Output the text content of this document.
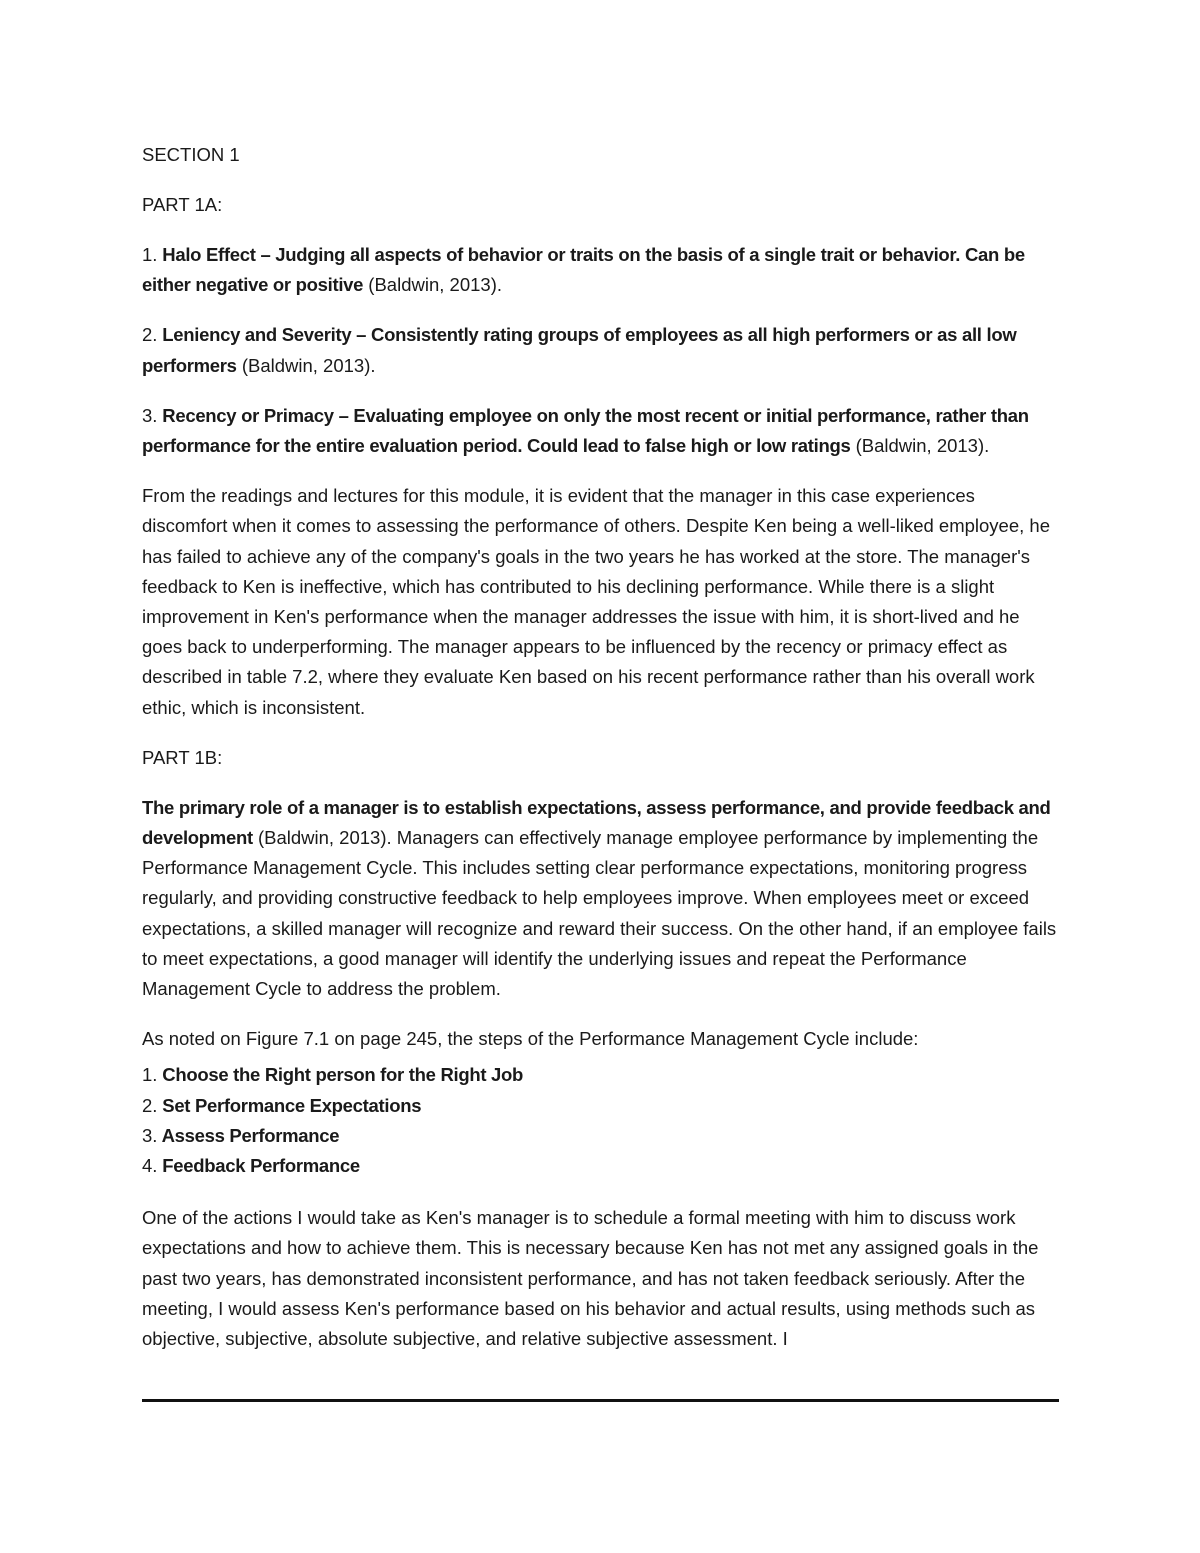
SECTION 1

PART 1A:

1. Halo Effect – Judging all aspects of behavior or traits on the basis of a single trait or behavior. Can be either negative or positive (Baldwin, 2013).

2. Leniency and Severity – Consistently rating groups of employees as all high performers or as all low performers (Baldwin, 2013).

3. Recency or Primacy – Evaluating employee on only the most recent or initial performance, rather than performance for the entire evaluation period. Could lead to false high or low ratings (Baldwin, 2013).

From the readings and lectures for this module, it is evident that the manager in this case experiences discomfort when it comes to assessing the performance of others. Despite Ken being a well-liked employee, he has failed to achieve any of the company's goals in the two years he has worked at the store. The manager's feedback to Ken is ineffective, which has contributed to his declining performance. While there is a slight improvement in Ken's performance when the manager addresses the issue with him, it is short-lived and he goes back to underperforming. The manager appears to be influenced by the recency or primacy effect as described in table 7.2, where they evaluate Ken based on his recent performance rather than his overall work ethic, which is inconsistent.

PART 1B:

The primary role of a manager is to establish expectations, assess performance, and provide feedback and development (Baldwin, 2013). Managers can effectively manage employee performance by implementing the Performance Management Cycle. This includes setting clear performance expectations, monitoring progress regularly, and providing constructive feedback to help employees improve. When employees meet or exceed expectations, a skilled manager will recognize and reward their success. On the other hand, if an employee fails to meet expectations, a good manager will identify the underlying issues and repeat the Performance Management Cycle to address the problem.

As noted on Figure 7.1 on page 245, the steps of the Performance Management Cycle include:

1. Choose the Right person for the Right Job

2. Set Performance Expectations

3. Assess Performance

4. Feedback Performance

One of the actions I would take as Ken's manager is to schedule a formal meeting with him to discuss work expectations and how to achieve them. This is necessary because Ken has not met any assigned goals in the past two years, has demonstrated inconsistent performance, and has not taken feedback seriously. After the meeting, I would assess Ken's performance based on his behavior and actual results, using methods such as objective, subjective, absolute subjective, and relative subjective assessment. I
